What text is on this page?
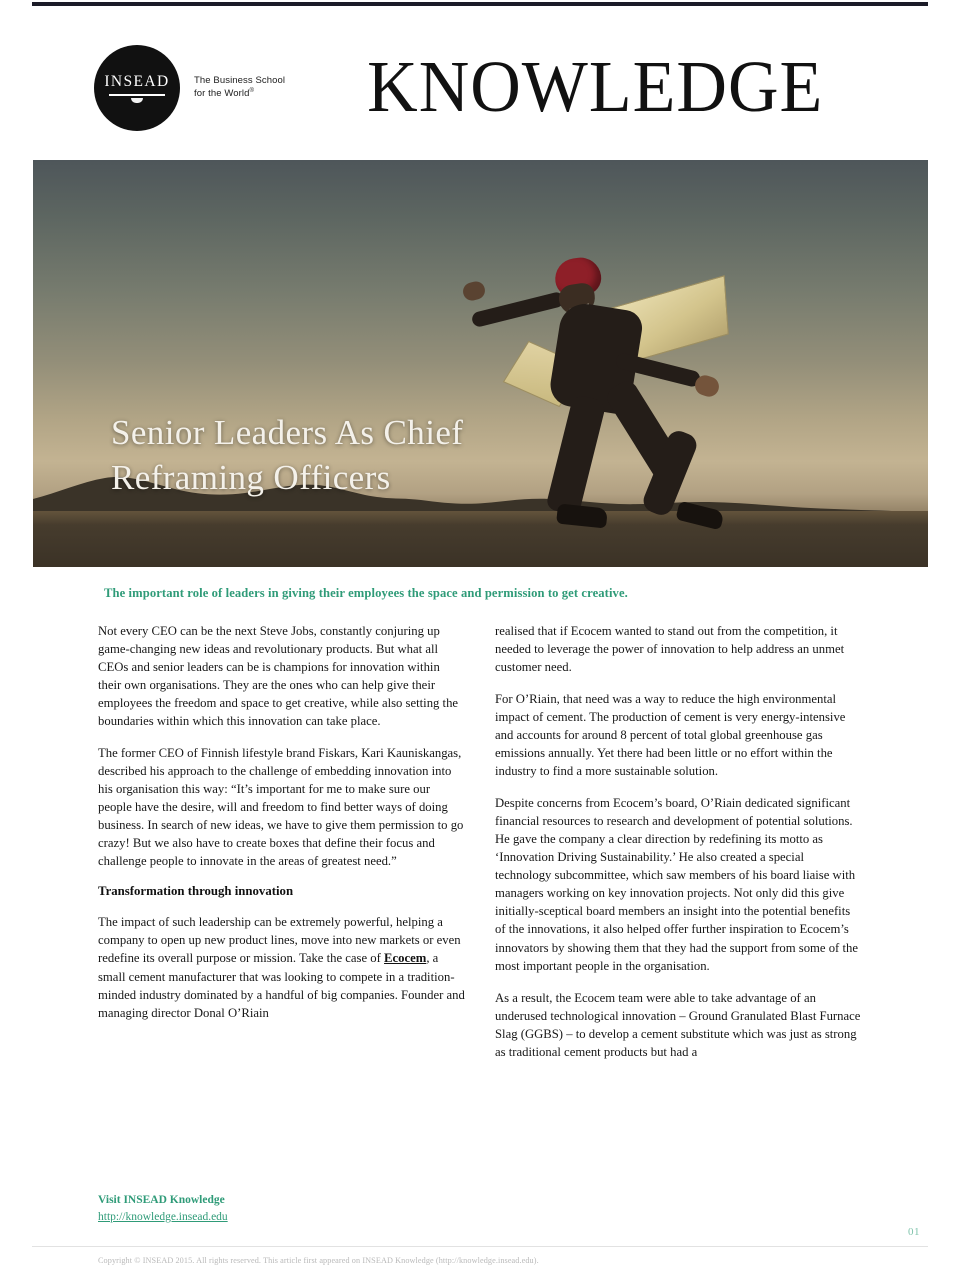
INSEAD	The Business School
for the World®	KNOWLEDGE
Senior Leaders As Chief
Reframing Officers
The important role of leaders in giving their employees the space and permission to get creative.

Not every CEO can be the next Steve Jobs, constantly conjuring up game-changing new ideas and revolutionary products. But what all CEOs and senior leaders can be is champions for innovation within their own organisations. They are the ones who can help give their employees the freedom and space to get creative, while also setting the boundaries within which this innovation can take place.

The former CEO of Finnish lifestyle brand Fiskars, Kari Kauniskangas, described his approach to the challenge of embedding innovation into his organisation this way: “It’s important for me to make sure our people have the desire, will and freedom to find better ways of doing business. In search of new ideas, we have to give them permission to go crazy! But we also have to create boxes that define their focus and challenge people to innovate in the areas of greatest need.”

Transformation through innovation

The impact of such leadership can be extremely powerful, helping a company to open up new product lines, move into new markets or even redefine its overall purpose or mission. Take the case of Ecocem, a small cement manufacturer that was looking to compete in a tradition-minded industry dominated by a handful of big companies. Founder and managing director Donal O’Riain

realised that if Ecocem wanted to stand out from the competition, it needed to leverage the power of innovation to help address an unmet customer need.

For O’Riain, that need was a way to reduce the high environmental impact of cement. The production of cement is very energy-intensive and accounts for around 8 percent of total global greenhouse gas emissions annually. Yet there had been little or no effort within the industry to find a more sustainable solution.

Despite concerns from Ecocem’s board, O’Riain dedicated significant financial resources to research and development of potential solutions. He gave the company a clear direction by redefining its motto as ‘Innovation Driving Sustainability.’ He also created a special technology subcommittee, which saw members of his board liaise with managers working on key innovation projects. Not only did this give initially-sceptical board members an insight into the potential benefits of the innovations, it also helped offer further inspiration to Ecocem’s innovators by showing them that they had the support from some of the most important people in the organisation.

As a result, the Ecocem team were able to take advantage of an underused technological innovation – Ground Granulated Blast Furnace Slag (GGBS) – to develop a cement substitute which was just as strong as traditional cement products but had a

Visit INSEAD Knowledge
http://knowledge.insead.edu
01
Copyright © INSEAD 2015. All rights reserved. This article first appeared on INSEAD Knowledge (http://knowledge.insead.edu).
